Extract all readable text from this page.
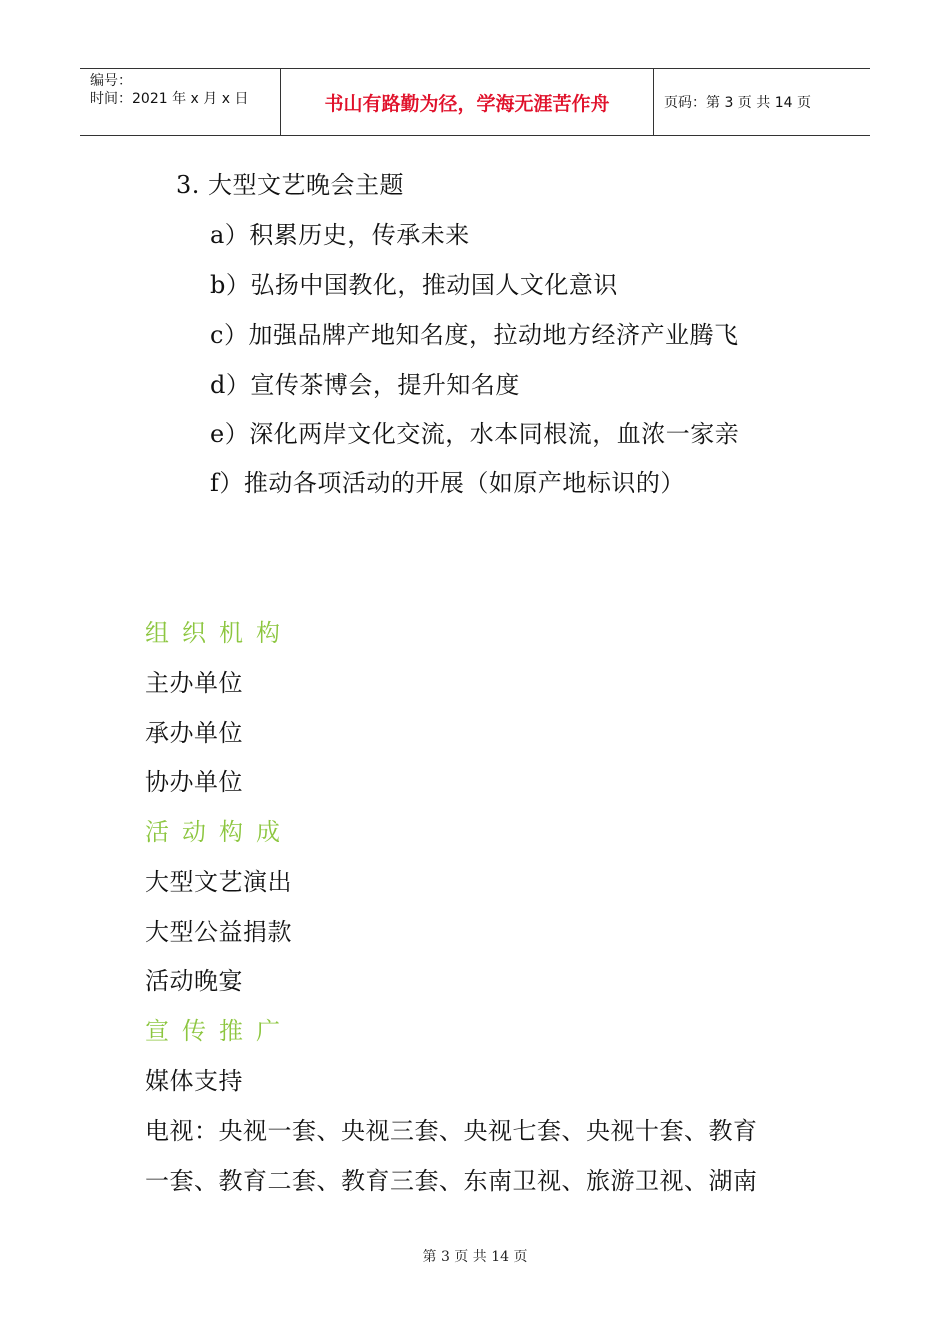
编号：
时间：2021 年 x 月 x 日	书山有路勤为径，学海无涯苦作舟	页码：第 3 页 共 14 页
3. 大型文艺晚会主题
a）积累历史，传承未来
b）弘扬中国教化，推动国人文化意识
c）加强品牌产地知名度，拉动地方经济产业腾飞
d）宣传茶博会，提升知名度
e）深化两岸文化交流，水本同根流，血浓一家亲
f）推动各项活动的开展（如原产地标识的）
组织机构
主办单位
承办单位
协办单位
活动构成
大型文艺演出
大型公益捐款
活动晚宴
宣传推广
媒体支持
电视：央视一套、央视三套、央视七套、央视十套、教育
一套、教育二套、教育三套、东南卫视、旅游卫视、湖南
第 3 页 共 14 页
